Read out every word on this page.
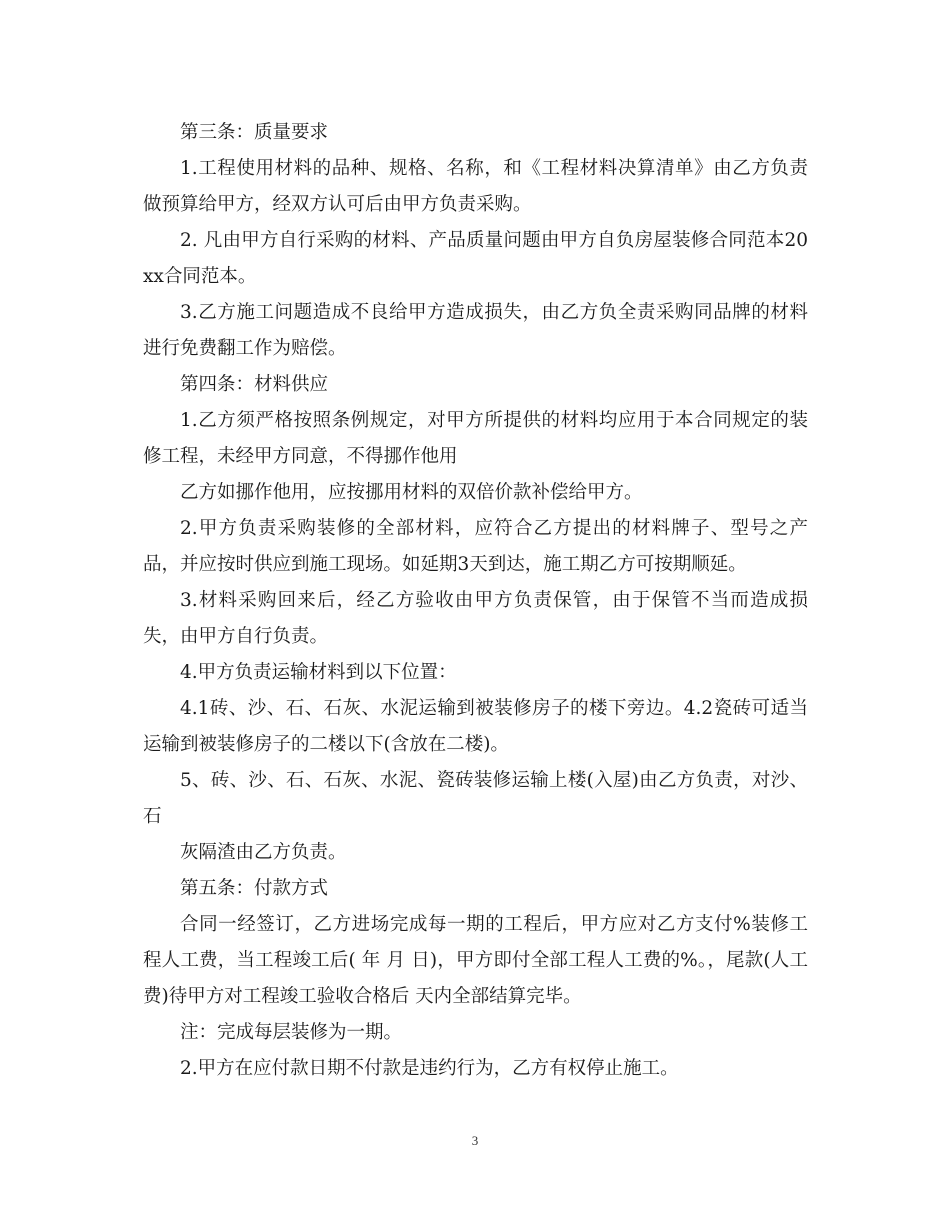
第三条：质量要求

1.工程使用材料的品种、规格、名称，和《工程材料决算清单》由乙方负责做预算给甲方，经双方认可后由甲方负责采购。

2. 凡由甲方自行采购的材料、产品质量问题由甲方自负房屋装修合同范本20xx合同范本。

3.乙方施工问题造成不良给甲方造成损失，由乙方负全责采购同品牌的材料进行免费翻工作为赔偿。

第四条：材料供应

1.乙方须严格按照条例规定，对甲方所提供的材料均应用于本合同规定的装修工程，未经甲方同意，不得挪作他用

乙方如挪作他用，应按挪用材料的双倍价款补偿给甲方。

2.甲方负责采购装修的全部材料，应符合乙方提出的材料牌子、型号之产品，并应按时供应到施工现场。如延期3天到达，施工期乙方可按期顺延。

3.材料采购回来后，经乙方验收由甲方负责保管，由于保管不当而造成损失，由甲方自行负责。

4.甲方负责运输材料到以下位置：

4.1砖、沙、石、石灰、水泥运输到被装修房子的楼下旁边。4.2瓷砖可适当运输到被装修房子的二楼以下(含放在二楼)。

5、砖、沙、石、石灰、水泥、瓷砖装修运输上楼(入屋)由乙方负责，对沙、石

灰隔渣由乙方负责。

第五条：付款方式

合同一经签订，乙方进场完成每一期的工程后，甲方应对乙方支付%装修工程人工费，当工程竣工后( 年 月 日)，甲方即付全部工程人工费的%。，尾款(人工费)待甲方对工程竣工验收合格后 天内全部结算完毕。

注：完成每层装修为一期。

2.甲方在应付款日期不付款是违约行为，乙方有权停止施工。

3
